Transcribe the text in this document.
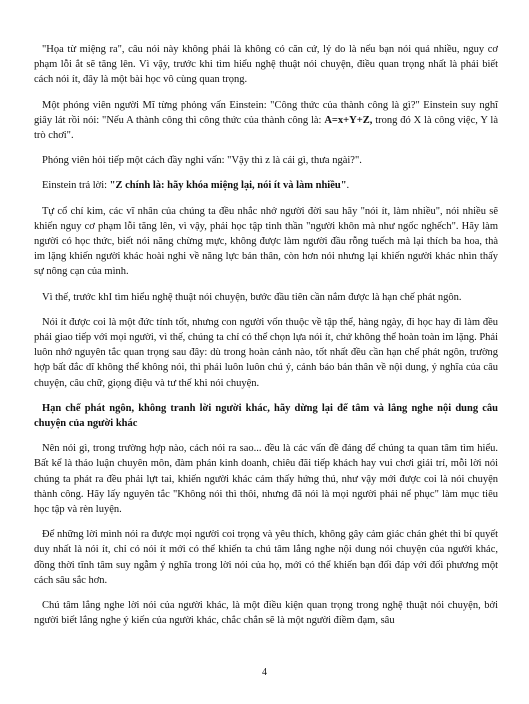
"Họa từ miệng ra", câu nói này không phải là không có căn cứ, lý do là nếu bạn nói quá nhiều, nguy cơ phạm lỗi ắt sẽ tăng lên. Vì vậy, trước khi tìm hiểu nghệ thuật nói chuyện, điều quan trọng nhất là phải biết cách nói ít, đây là một bài học vô cùng quan trọng.

Một phóng viên người Mĩ từng phỏng vấn Einstein: "Công thức của thành công là gì?" Einstein suy nghĩ giây lát rồi nói: "Nếu A thành công thì công thức của thành công là: A=x+Y+Z, trong đó X là công việc, Y là trò chơi".

Phóng viên hỏi tiếp một cách đầy nghi vấn: "Vậy thì z là cái gì, thưa ngài?".

Einstein trả lời: "Z chính là: hãy khóa miệng lại, nói ít và làm nhiều".

Tự cổ chí kim, các vĩ nhân của chúng ta đều nhắc nhở người đời sau hãy "nói ít, làm nhiều", nói nhiều sẽ khiến nguy cơ phạm lỗi tăng lên, vì vậy, phải học tập tinh thần "người khôn mà như ngốc nghếch". Hãy làm người có học thức, biết nói năng chừng mực, không được làm người đầu rỗng tuếch mà lại thích ba hoa, thà im lặng khiến người khác hoài nghi về năng lực bản thân, còn hơn nói nhưng lại khiến người khác nhìn thấy sự nông cạn của mình.

Vì thế, trước khI tìm hiểu nghệ thuật nói chuyện, bước đầu tiên cần nắm được là hạn chế phát ngôn.

Nói ít được coi là một đức tính tốt, nhưng con người vốn thuộc về tập thể, hàng ngày, đi học hay đi làm đều phải giao tiếp với mọi người, vì thế, chúng ta chỉ có thể chọn lựa nói ít, chứ không thể hoàn toàn im lặng. Phải luôn nhớ nguyên tắc quan trọng sau đây: dù trong hoàn cảnh nào, tốt nhất đều cần hạn chế phát ngôn, trường hợp bất đắc dĩ không thể không nói, thì phải luôn luôn chú ý, cảnh báo bản thân về nội dung, ý nghĩa của câu chuyện, câu chữ, giọng điệu và tư thế khi nói chuyện.

Hạn chế phát ngôn, không tranh lời người khác, hãy dừng lại để tâm và lắng nghe nội dung câu chuyện của người khác

Nên nói gì, trong trường hợp nào, cách nói ra sao... đều là các vấn đề đáng để chúng ta quan tâm tìm hiểu. Bất kể là thảo luận chuyên môn, đàm phán kinh doanh, chiêu đãi tiếp khách hay vui chơi giải trí, mỗi lời nói chúng ta phát ra đều phải lựt tai, khiến người khác cảm thấy hứng thú, như vậy mới được coi là nói chuyện thành công. Hãy lấy nguyên tắc "Không nói thì thôi, nhưng đã nói là mọi người phải nể phục" làm mục tiêu học tập và rèn luyện.

Để những lời mình nói ra được mọi người coi trọng và yêu thích, không gây cảm giác chán ghét thì bí quyết duy nhất là nói ít, chỉ có nói ít mới có thể khiến ta chú tâm lắng nghe nội dung nói chuyện của người khác, đồng thời tĩnh tâm suy ngẫm ý nghĩa trong lời nói của họ, mới có thể khiến bạn đối đáp với đối phương một cách sâu sắc hơn.

Chú tâm lắng nghe lời nói của người khác, là một điều kiện quan trọng trong nghệ thuật nói chuyện, bởi người biết lắng nghe ý kiến của người khác, chắc chắn sẽ là một người điềm đạm, sâu

4
